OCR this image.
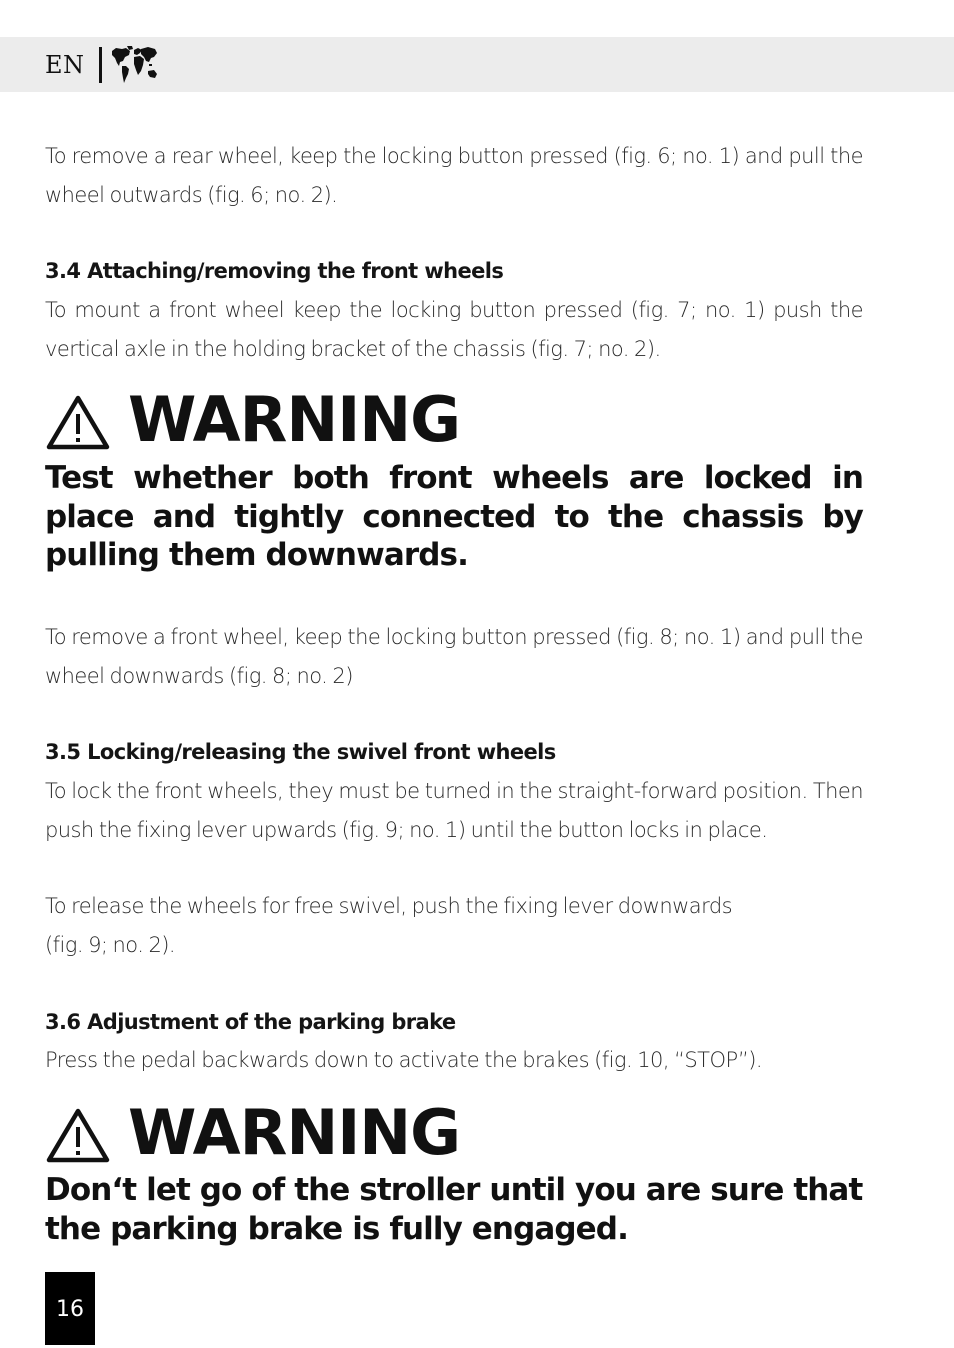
EN

To remove a rear wheel, keep the locking button pressed (fig. 6; no. 1) and pull the wheel outwards (fig. 6; no. 2).

3.4 Attaching/removing the front wheels

To mount a front wheel keep the locking button pressed (fig. 7; no. 1) push the vertical axle in the holding bracket of the chassis (fig. 7; no. 2).

WARNING

Test whether both front wheels are locked in place and tightly connected to the chassis by pulling them downwards.

To remove a front wheel, keep the locking button pressed (fig. 8; no. 1) and pull the wheel downwards (fig. 8; no. 2)

3.5 Locking/releasing the swivel front wheels

To lock the front wheels, they must be turned in the straight-forward position. Then push the fixing lever upwards (fig. 9; no. 1) until the button locks in place.

To release the wheels for free swivel, push the fixing lever downwards
(fig. 9; no. 2).

3.6 Adjustment of the parking brake

Press the pedal backwards down to activate the brakes (fig. 10, “STOP”).

WARNING

Don‘t let go of the stroller until you are sure that the parking brake is fully engaged.

16
